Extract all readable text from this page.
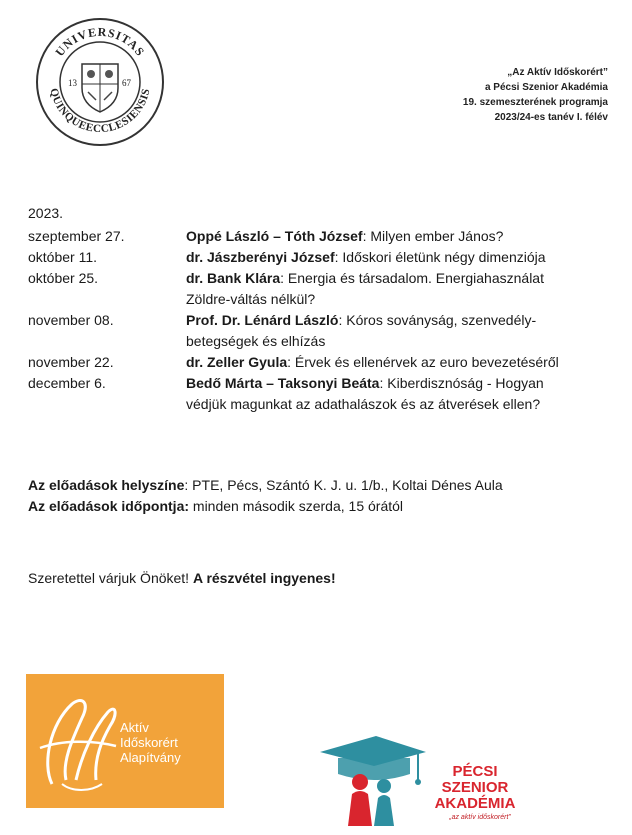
UNIVERSITAS
QUINQUEECCLESIENSIS
13	67
„Az Aktív Időskorért”
a Pécsi Szenior Akadémia
19. szemeszterének programja
2023/24-es tanév I. félév
2023.
szeptember 27.	Oppé László – Tóth József: Milyen ember János?
október 11.	dr. Jászberényi József: Időskori életünk négy dimenziója
október 25.	dr. Bank Klára: Energia és társadalom. Energiahasználat
Zöldre-váltás nélkül?
november 08.	Prof. Dr. Lénárd László: Kóros soványság, szenvedély-
betegségek és elhízás
november 22.	dr. Zeller Gyula: Érvek és ellenérvek az euro bevezetéséről
december 6.	Bedő Márta – Taksonyi Beáta: Kiberdisznóság - Hogyan
védjük magunkat az adathalászok és az átverések ellen?
Az előadások helyszíne: PTE, Pécs, Szántó K. J. u. 1/b., Koltai Dénes Aula
Az előadások időpontja: minden második szerda, 15 órától
Szeretettel várjuk Önöket! A részvétel ingyenes!
Aktív
Időskorért
Alapítvány
PÉCSI
SZENIOR
AKADÉMIA
„az aktív időskorért”
